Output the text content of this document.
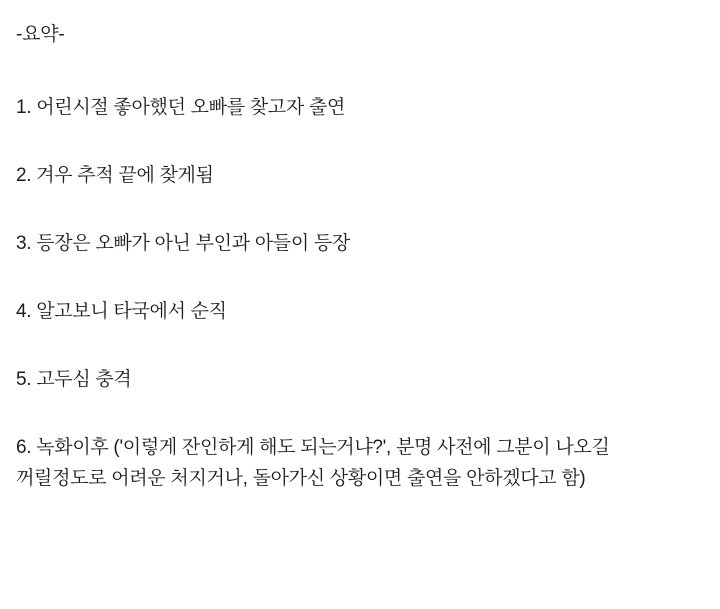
-요약-

1. 어린시절 좋아했던 오빠를 찾고자 출연
2. 겨우 추적 끝에 찾게됨
3. 등장은 오빠가 아닌 부인과 아들이 등장
4. 알고보니 타국에서 순직
5. 고두심 충격
6. 녹화이후 ('이렇게 잔인하게 해도 되는거냐?', 분명 사전에 그분이 나오길 꺼릴정도로 어려운 처지거나, 돌아가신 상황이면 출연을 안하겠다고 함)
